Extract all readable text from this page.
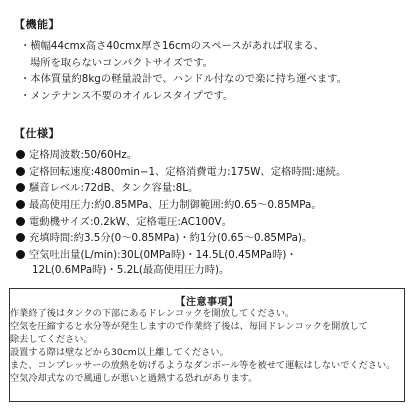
【機能】
・横幅44cmx高さ40cmx厚さ16cmのスペースがあれば収まる、
場所を取らないコンパクトサイズです。
・本体質量約8kgの軽量設計で、ハンドル付なので楽に持ち運べます。
・メンテナンス不要のオイルレスタイプです。
【仕様】
定格周波数:50/60Hz。
定格回転速度:4800min−1、定格消費電力:175W、定格時間:連続。
騒音レベル:72dB、タンク容量:8L。
最高使用圧力:約0.85MPa、圧力制御範囲:約0.65〜0.85MPa。
電動機サイズ:0.2kW、定格電圧:AC100V。
充填時間:約3.5分(0〜0.85MPa)・約1分(0.65〜0.85MPa)。
空気吐出量(L/min):30L(0MPa時)・14.5L(0.45MPa時)・
12L(0.6MPa時)・5.2L(最高使用圧力時)。
【注意事項】
作業終了後はタンクの下部にあるドレンコックを開放してください。
空気を圧縮すると水分等が発生しますので作業終了後は、毎回ドレンコックを開放して
除去してください。
設置する際は壁などから30cm以上離してください。
また、コンプレッサーの放熱を妨げるようなダンボール等を被せて運転はしないでください。
空気冷却式なので風通しが悪いと過熱する恐れがあります。
